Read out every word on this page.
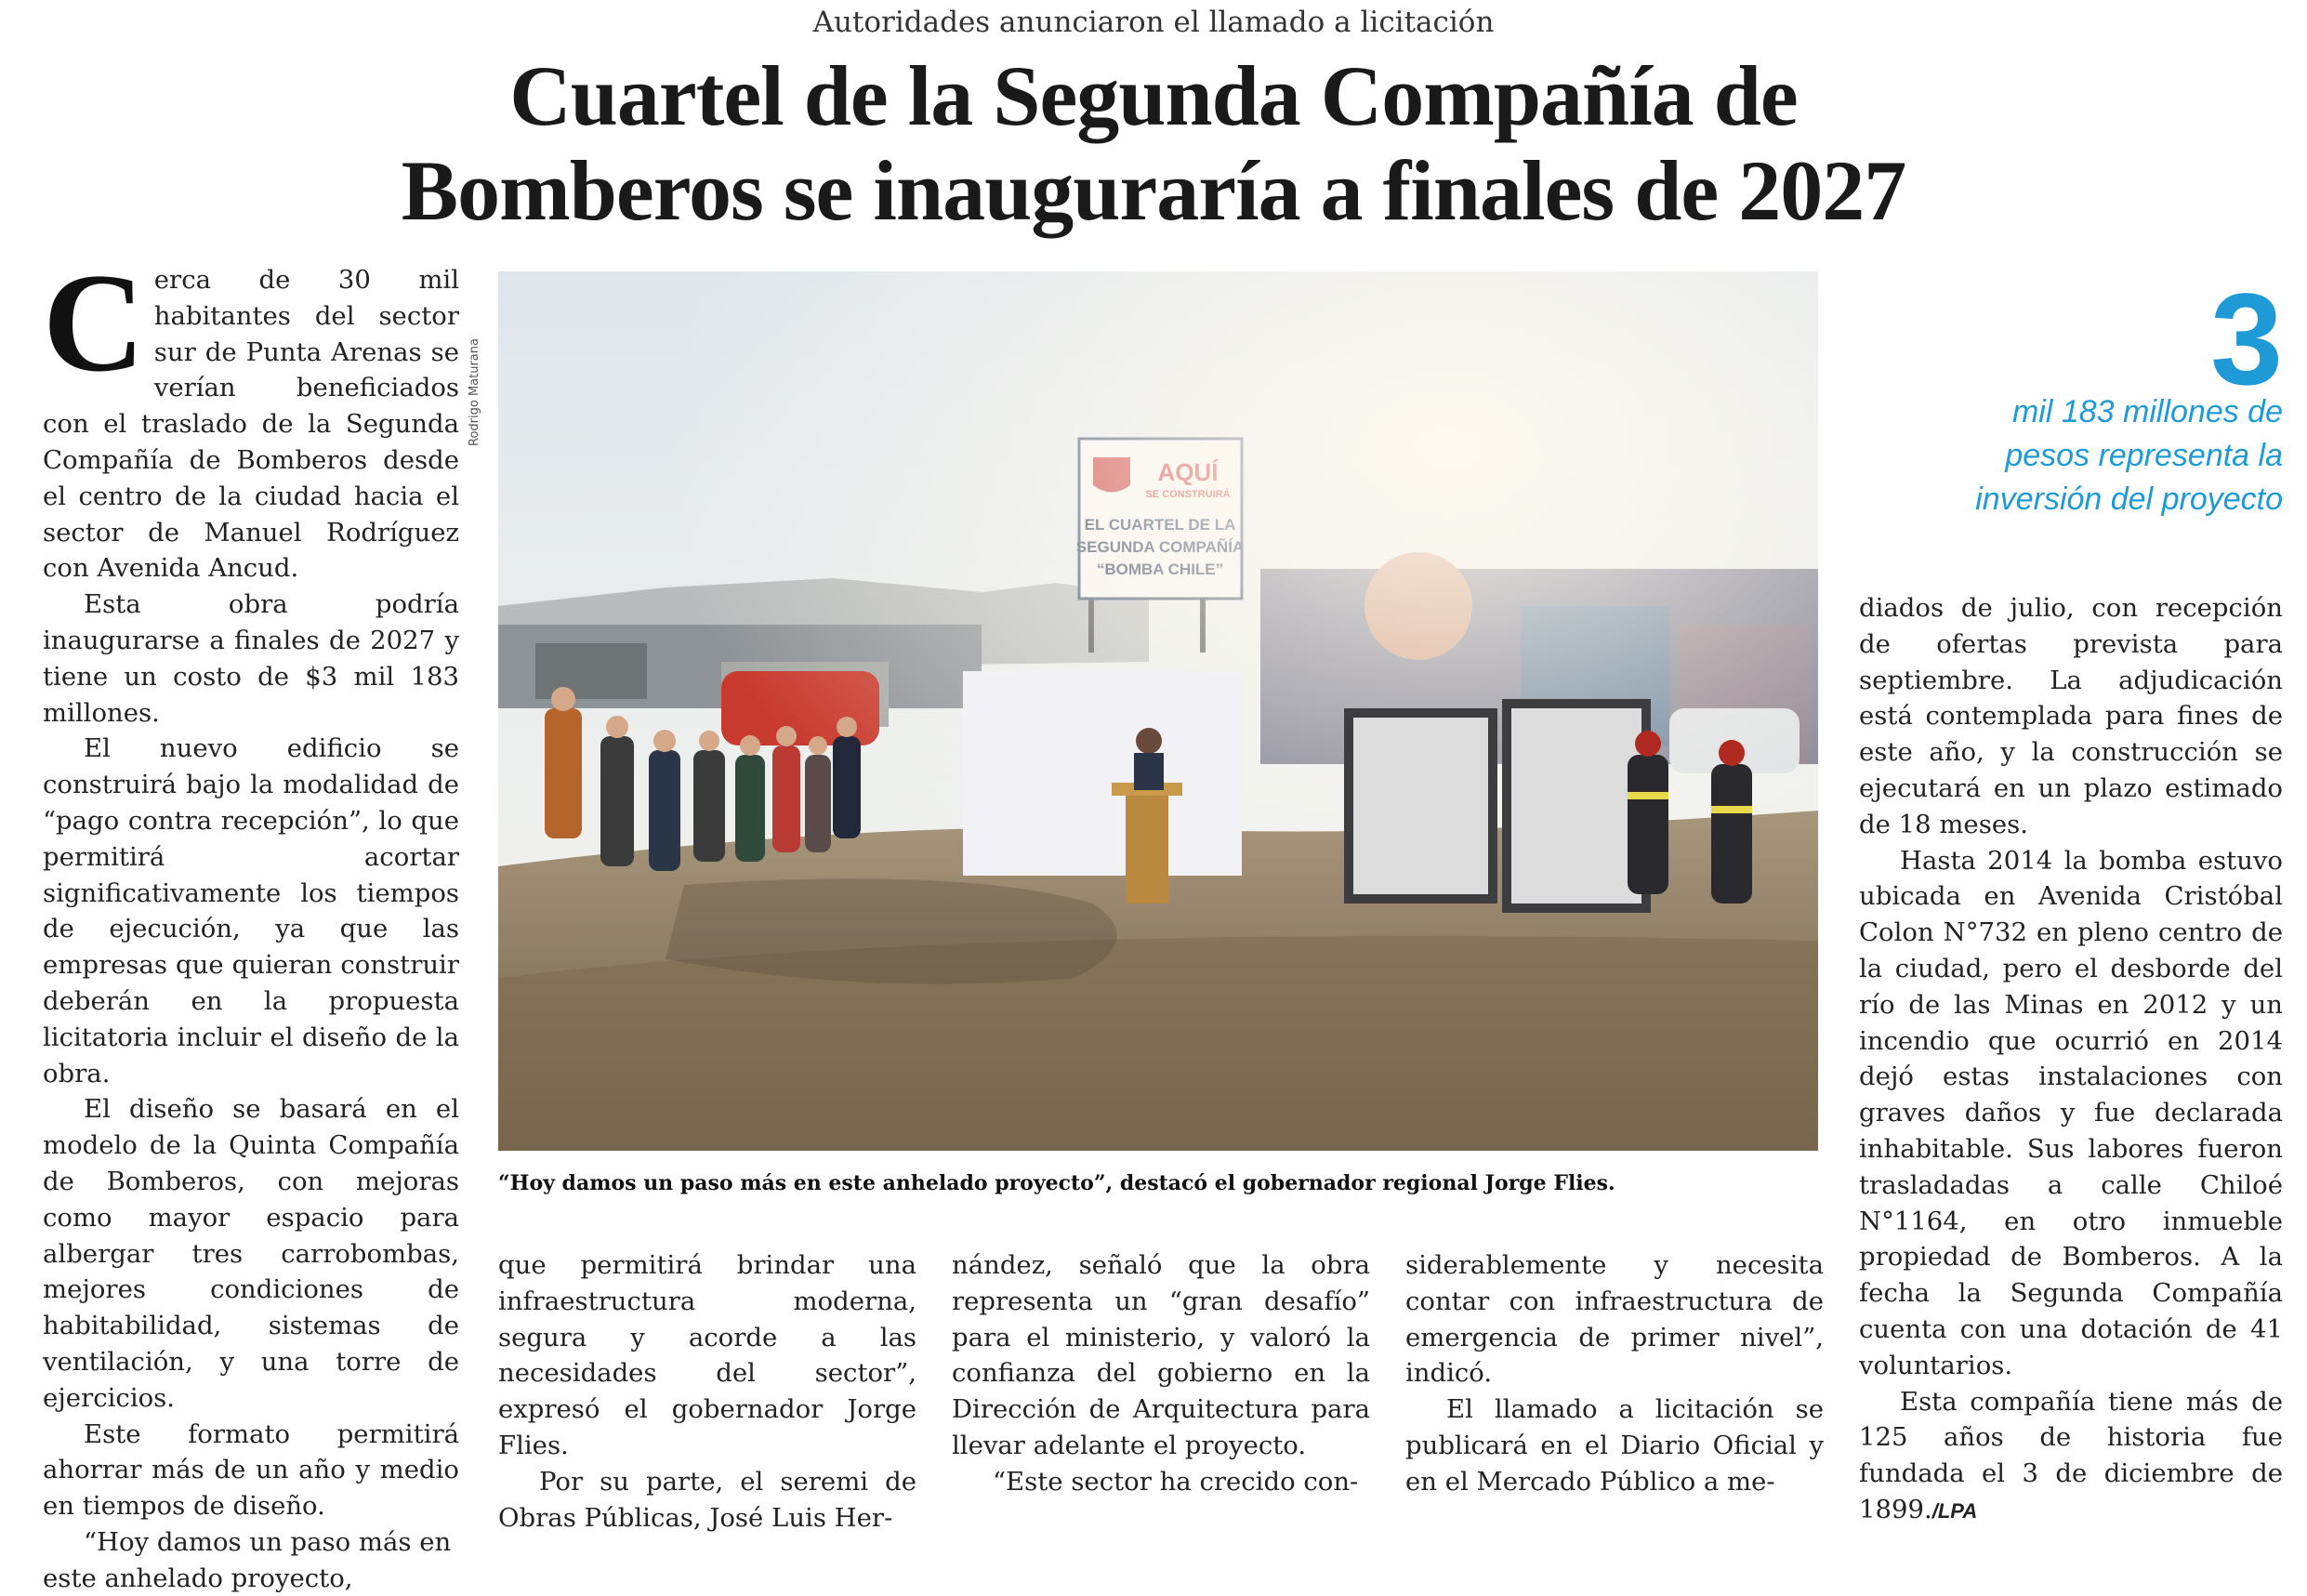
Autoridades anunciaron el llamado a licitación
Cuartel de la Segunda Compañía de
Bomberos se inauguraría a finales de 2027

Cerca de 30 mil habitantes del sector sur de Punta Arenas se verían beneficiados con el traslado de la Segunda Compañía de Bomberos desde el centro de la ciudad hacia el sector de Manuel Rodríguez con Avenida Ancud.

Esta obra podría inaugurarse a finales de 2027 y tiene un costo de $3 mil 183 millones.

El nuevo edificio se construirá bajo la modalidad de “pago contra recepción”, lo que permitirá acortar significativamente los tiempos de ejecución, ya que las empresas que quieran construir deberán en la propuesta licitatoria incluir el diseño de la obra.

El diseño se basará en el modelo de la Quinta Compañía de Bomberos, con mejoras como mayor espacio para albergar tres carrobombas, mejores condiciones de habitabilidad, sistemas de ventilación, y una torre de ejercicios.

Este formato permitirá ahorrar más de un año y medio en tiempos de diseño.

“Hoy damos un paso más en este anhelado proyecto,

Rodrigo Maturana
“Hoy damos un paso más en este anhelado proyecto”, destacó el gobernador regional Jorge Flies.
3
mil 183 millones de
pesos representa la
inversión del proyecto

que permitirá brindar una infraestructura moderna, segura y acorde a las necesidades del sector”, expresó el gobernador Jorge Flies.

Por su parte, el seremi de Obras Públicas, José Luis Her-

nández, señaló que la obra representa un “gran desafío” para el ministerio, y valoró la confianza del gobierno en la Dirección de Arquitectura para llevar adelante el proyecto.

“Este sector ha crecido con-

siderablemente y necesita contar con infraestructura de emergencia de primer nivel”, indicó.

El llamado a licitación se publicará en el Diario Oficial y en el Mercado Público a me-

diados de julio, con recepción de ofertas prevista para septiembre. La adjudicación está contemplada para fines de este año, y la construcción se ejecutará en un plazo estimado de 18 meses.

Hasta 2014 la bomba estuvo ubicada en Avenida Cristóbal Colon N°732 en pleno centro de la ciudad, pero el desborde del río de las Minas en 2012 y un incendio que ocurrió en 2014 dejó estas instalaciones con graves daños y fue declarada inhabitable. Sus labores fueron trasladadas a calle Chiloé N°1164, en otro inmueble propiedad de Bomberos. A la fecha la Segunda Compañía cuenta con una dotación de 41 voluntarios.

Esta compañía tiene más de 125 años de historia fue fundada el 3 de diciembre de 1899./LPA
